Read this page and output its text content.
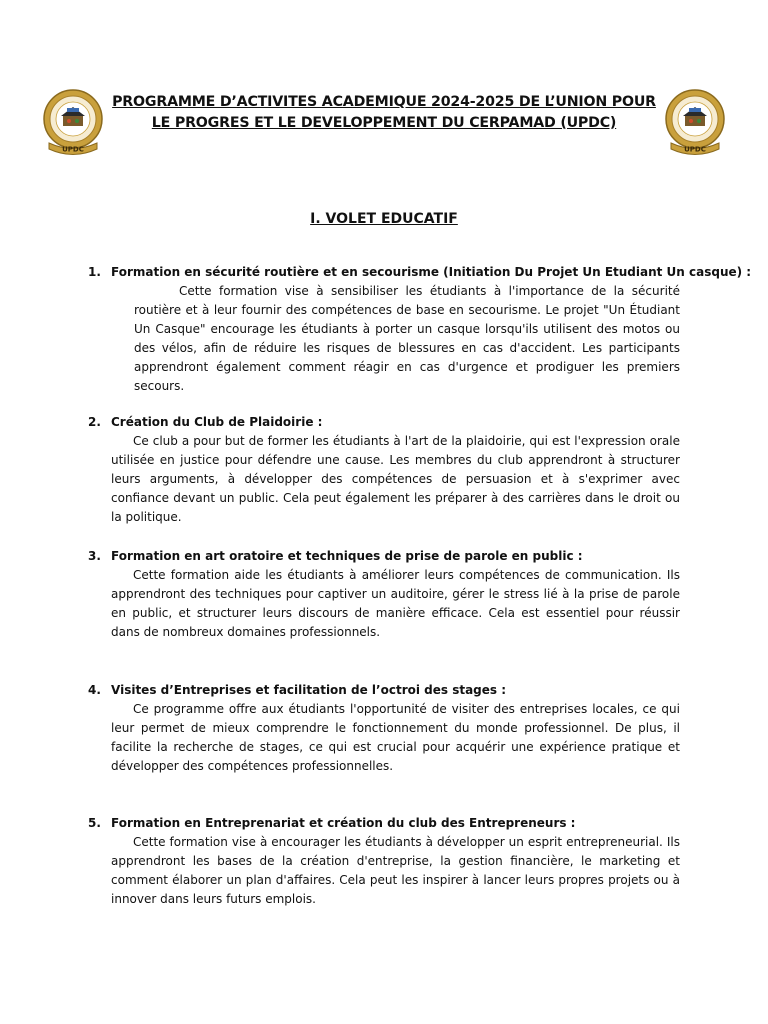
UPDC	UPDC
PROGRAMME D’ACTIVITES ACADEMIQUE 2024-2025 DE L’UNION POUR LE PROGRES ET LE DEVELOPPEMENT DU CERPAMAD (UPDC)
I. VOLET EDUCATIF
1. Formation en sécurité routière et en secourisme (Initiation Du Projet Un Etudiant Un casque) :
Cette formation vise à sensibiliser les étudiants à l'importance de la sécurité routière et à leur fournir des compétences de base en secourisme. Le projet "Un Étudiant Un Casque" encourage les étudiants à porter un casque lorsqu'ils utilisent des motos ou des vélos, afin de réduire les risques de blessures en cas d'accident. Les participants apprendront également comment réagir en cas d'urgence et prodiguer les premiers secours.
2. Création du Club de Plaidoirie :
Ce club a pour but de former les étudiants à l'art de la plaidoirie, qui est l'expression orale utilisée en justice pour défendre une cause. Les membres du club apprendront à structurer leurs arguments, à développer des compétences de persuasion et à s'exprimer avec confiance devant un public. Cela peut également les préparer à des carrières dans le droit ou la politique.
3. Formation en art oratoire et techniques de prise de parole en public :
Cette formation aide les étudiants à améliorer leurs compétences de communication. Ils apprendront des techniques pour captiver un auditoire, gérer le stress lié à la prise de parole en public, et structurer leurs discours de manière efficace. Cela est essentiel pour réussir dans de nombreux domaines professionnels.
4. Visites d’Entreprises et facilitation de l’octroi des stages :
Ce programme offre aux étudiants l'opportunité de visiter des entreprises locales, ce qui leur permet de mieux comprendre le fonctionnement du monde professionnel. De plus, il facilite la recherche de stages, ce qui est crucial pour acquérir une expérience pratique et développer des compétences professionnelles.
5. Formation en Entreprenariat et création du club des Entrepreneurs :
Cette formation vise à encourager les étudiants à développer un esprit entrepreneurial. Ils apprendront les bases de la création d'entreprise, la gestion financière, le marketing et comment élaborer un plan d'affaires. Cela peut les inspirer à lancer leurs propres projets ou à innover dans leurs futurs emplois.
